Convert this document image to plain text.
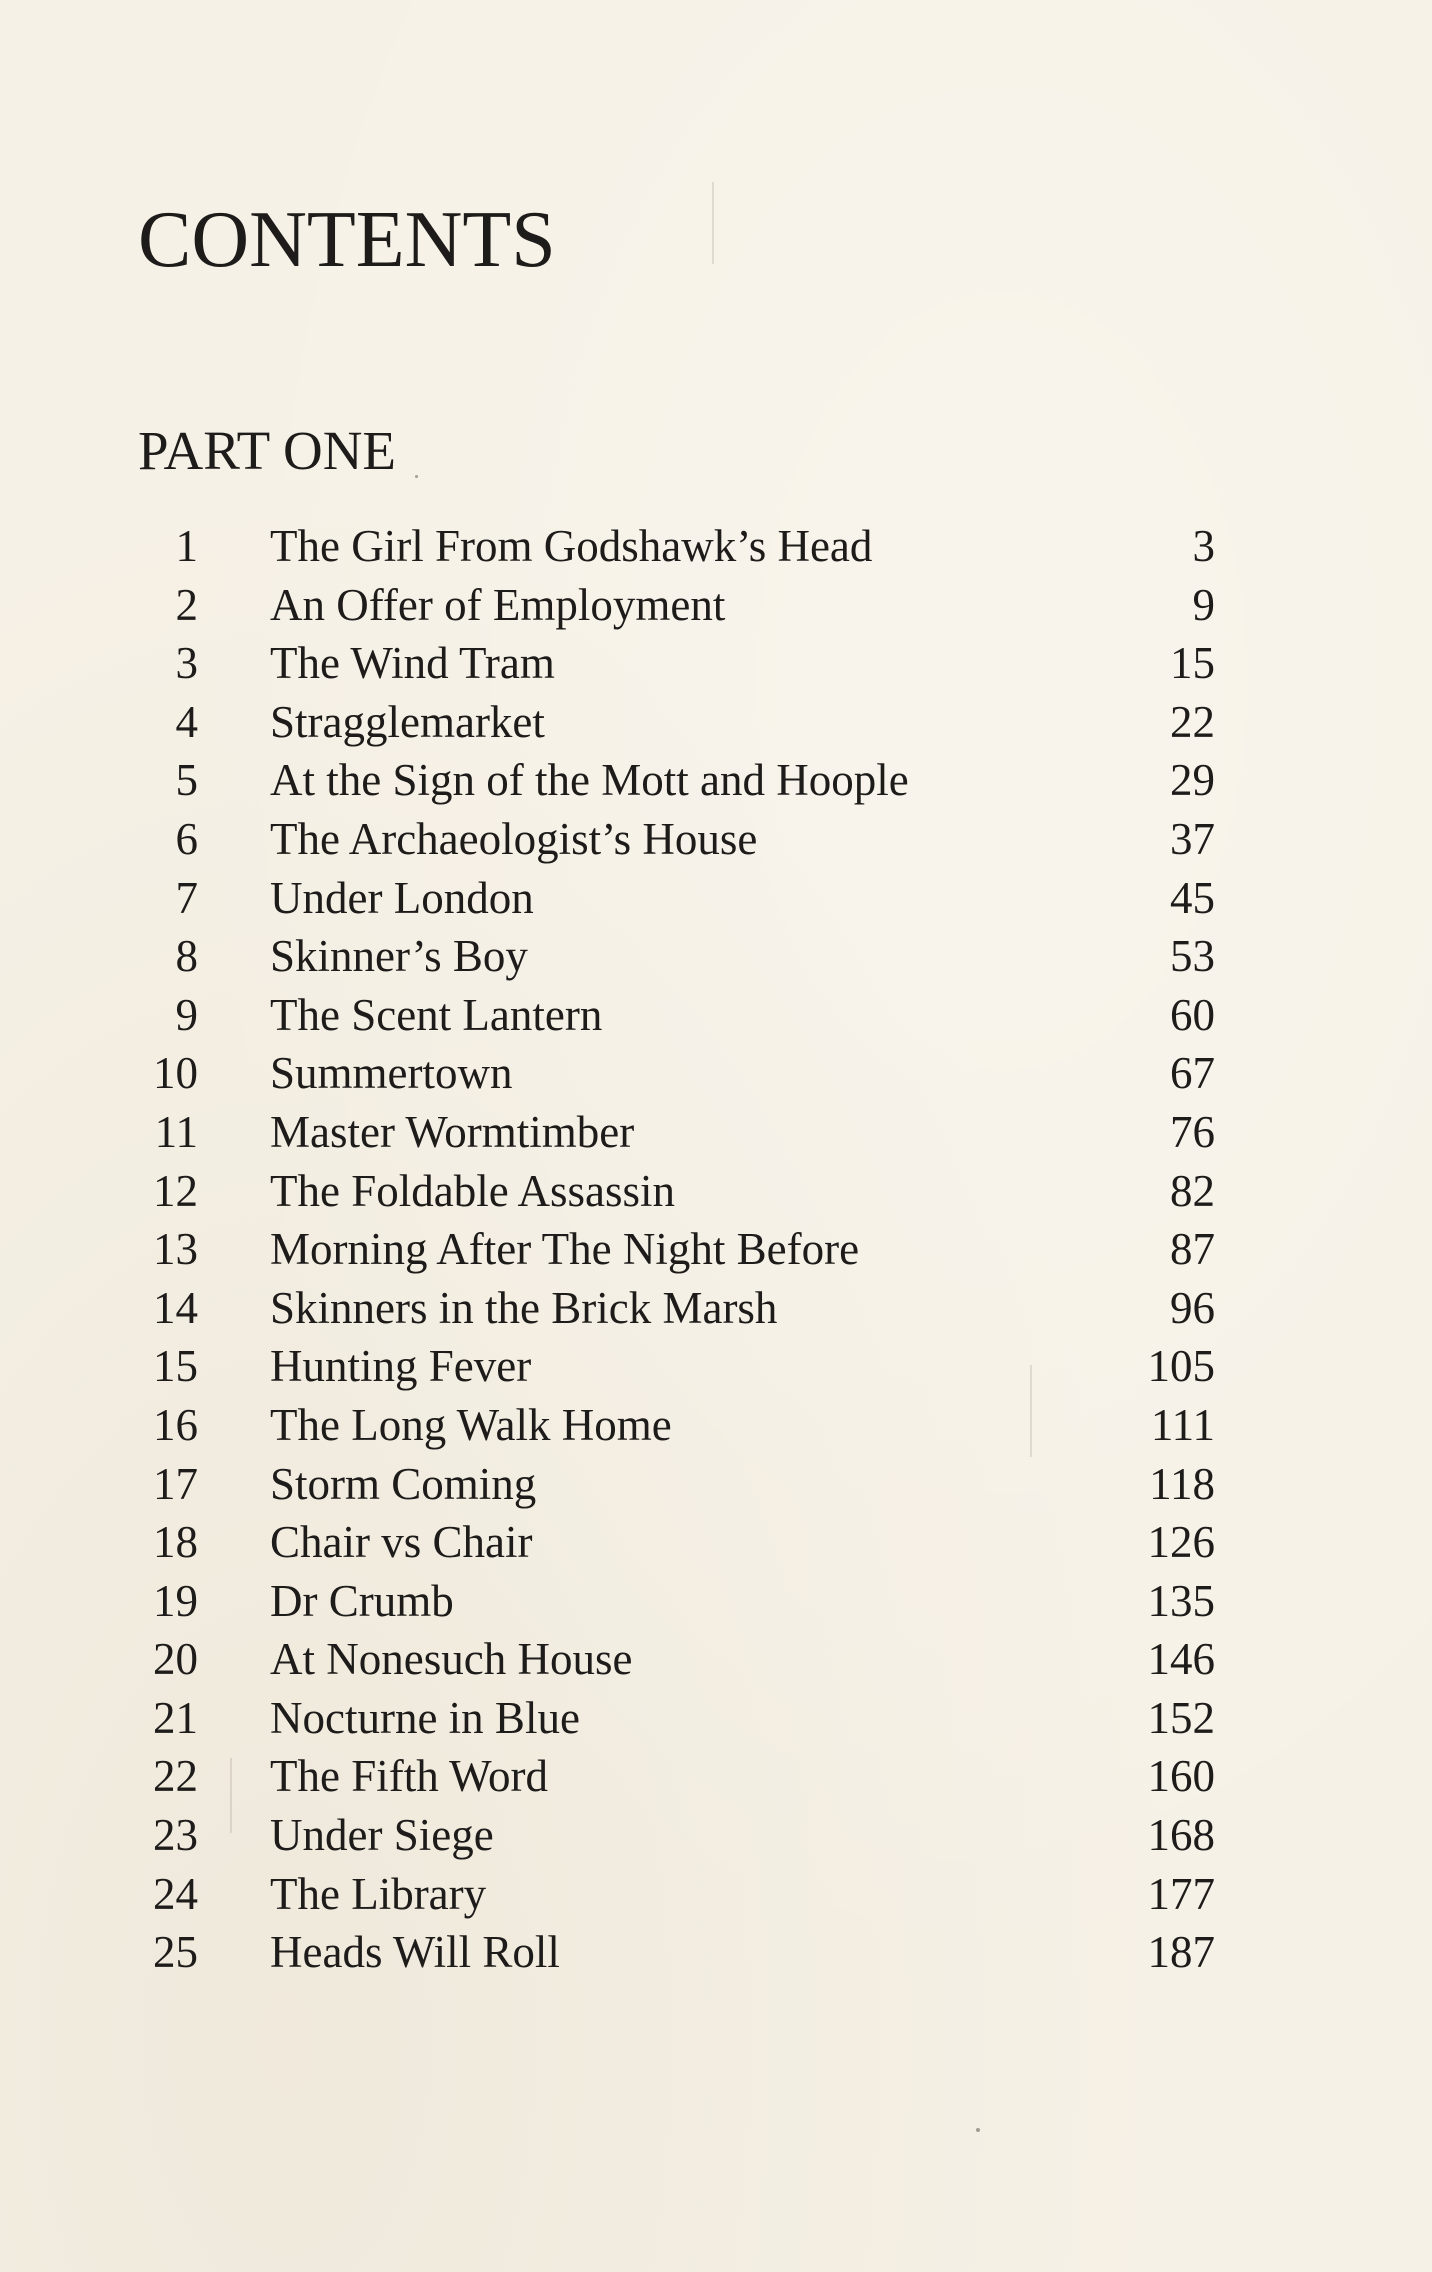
CONTENTS
PART ONE
1 The Girl From Godshawk’s Head	3
2 An Offer of Employment	9
3 The Wind Tram	15
4 Stragglemarket	22
5 At the Sign of the Mott and Hoople	29
6 The Archaeologist’s House	37
7 Under London	45
8 Skinner’s Boy	53
9 The Scent Lantern	60
10 Summertown	67
11 Master Wormtimber	76
12 The Foldable Assassin	82
13 Morning After The Night Before	87
14 Skinners in the Brick Marsh	96
15 Hunting Fever	105
16 The Long Walk Home	111
17 Storm Coming	118
18 Chair vs Chair	126
19 Dr Crumb	135
20 At Nonesuch House	146
21 Nocturne in Blue	152
22 The Fifth Word	160
23 Under Siege	168
24 The Library	177
25 Heads Will Roll	187
